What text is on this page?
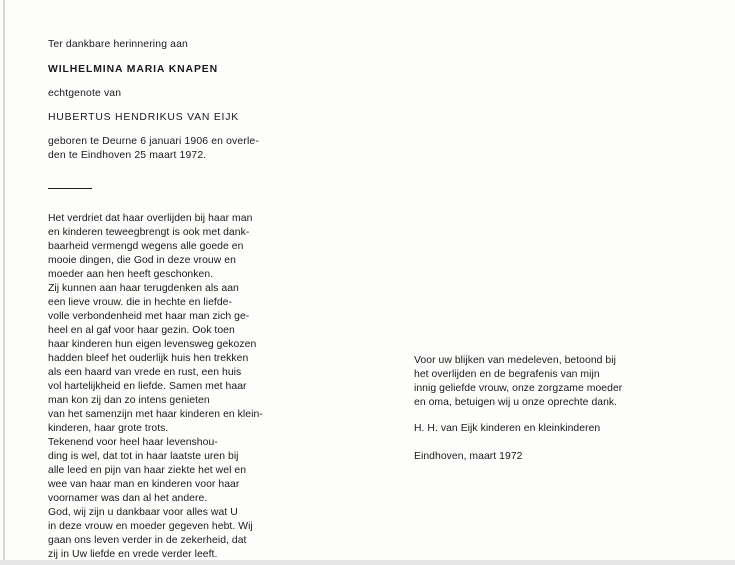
Ter dankbare herinnering aan
WILHELMINA MARIA KNAPEN
echtgenote van
HUBERTUS HENDRIKUS VAN EIJK
geboren te Deurne 6 januari 1906 en overle-
den te Eindhoven 25 maart 1972.
Het verdriet dat haar overlijden bij haar man
en kinderen teweegbrengt is ook met dank-
baarheid vermengd wegens alle goede en
mooie dingen, die God in deze vrouw en
moeder aan hen heeft geschonken.
Zij kunnen aan haar terugdenken als aan
een lieve vrouw. die in hechte en liefde-
volle verbondenheid met haar man zich ge-
heel en al gaf voor haar gezin. Ook toen
haar kinderen hun eigen levensweg gekozen
hadden bleef het ouderlijk huis hen trekken
als een haard van vrede en rust, een huis
vol hartelijkheid en liefde. Samen met haar
man kon zij dan zo intens genieten
van het samenzijn met haar kinderen en klein-
kinderen, haar grote trots.
Tekenend voor heel haar levenshou-
ding is wel, dat tot in haar laatste uren bij
alle leed en pijn van haar ziekte het wel en
wee van haar man en kinderen voor haar
voornamer was dan al het andere.
God, wij zijn u dankbaar voor alles wat U
in deze vrouw en moeder gegeven hebt. Wij
gaan ons leven verder in de zekerheid, dat
zij in Uw liefde en vrede verder leeft.
Voor uw blijken van medeleven, betoond bij
het overlijden en de begrafenis van mijn
innig geliefde vrouw, onze zorgzame moeder
en oma, betuigen wij u onze oprechte dank.
H. H. van Eijk kinderen en kleinkinderen
Eindhoven, maart 1972
